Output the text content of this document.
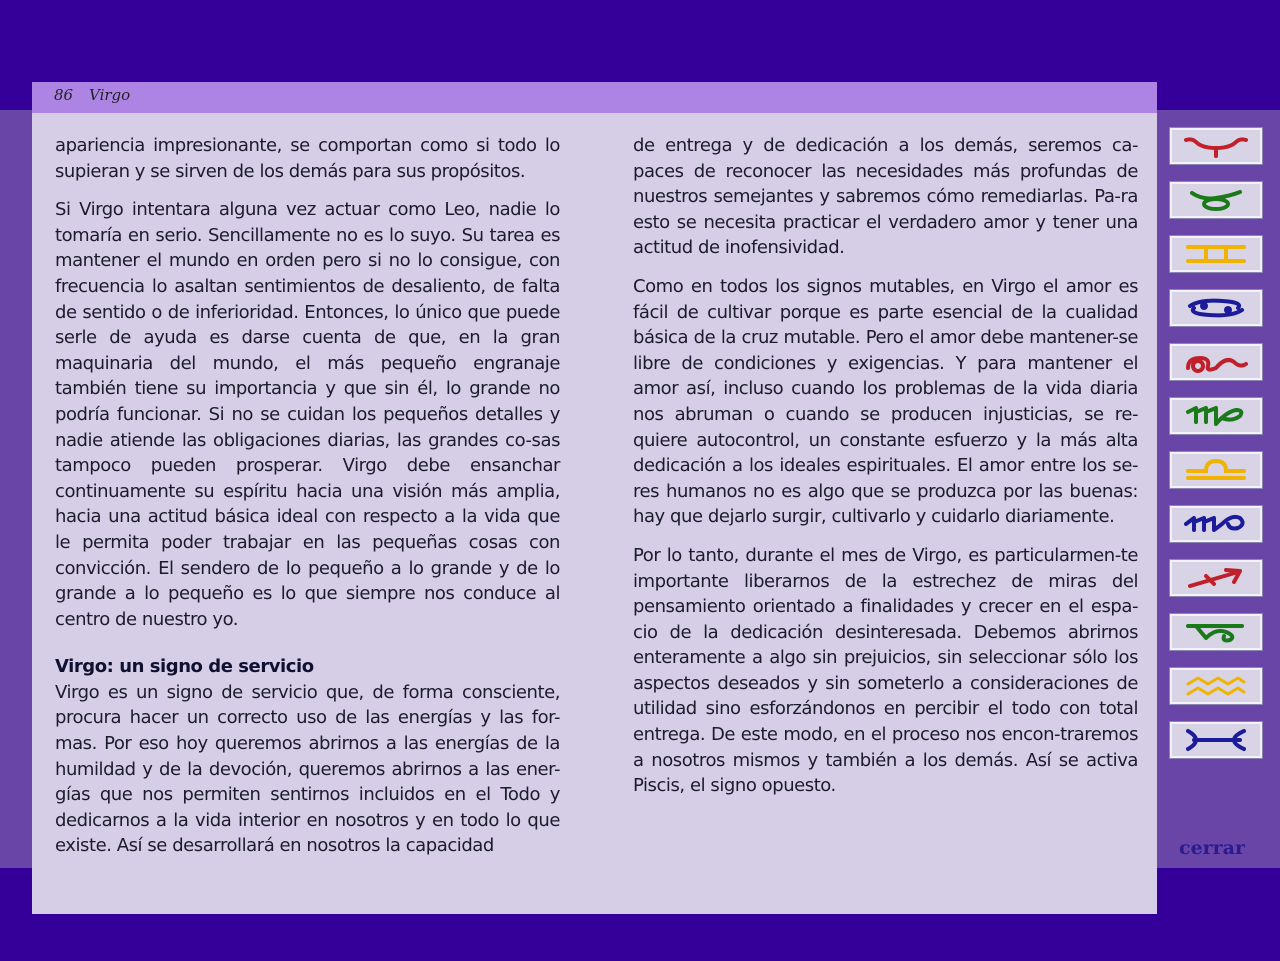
86 Virgo

apariencia impresionante, se comportan como si todo lo supieran y se sirven de los demás para sus propósitos.

Si Virgo intentara alguna vez actuar como Leo, nadie lo tomaría en serio. Sencillamente no es lo suyo. Su tarea es mantener el mundo en orden pero si no lo consigue, con frecuencia lo asaltan sentimientos de desaliento, de falta de sentido o de inferioridad. Entonces, lo único que puede serle de ayuda es darse cuenta de que, en la gran maquinaria del mundo, el más pequeño engranaje también tiene su importancia y que sin él, lo grande no podría funcionar. Si no se cuidan los pequeños detalles y nadie atiende las obligaciones diarias, las grandes co-sas tampoco pueden prosperar. Virgo debe ensanchar continuamente su espíritu hacia una visión más amplia, hacia una actitud básica ideal con respecto a la vida que le permita poder trabajar en las pequeñas cosas con convicción. El sendero de lo pequeño a lo grande y de lo grande a lo pequeño es lo que siempre nos conduce al centro de nuestro yo.

Virgo: un signo de servicio

Virgo es un signo de servicio que, de forma consciente, procura hacer un correcto uso de las energías y las for-mas. Por eso hoy queremos abrirnos a las energías de la humildad y de la devoción, queremos abrirnos a las ener-gías que nos permiten sentirnos incluidos en el Todo y dedicarnos a la vida interior en nosotros y en todo lo que existe. Así se desarrollará en nosotros la capacidad

de entrega y de dedicación a los demás, seremos ca-paces de reconocer las necesidades más profundas de nuestros semejantes y sabremos cómo remediarlas. Pa-ra esto se necesita practicar el verdadero amor y tener una actitud de inofensividad.

Como en todos los signos mutables, en Virgo el amor es fácil de cultivar porque es parte esencial de la cualidad básica de la cruz mutable. Pero el amor debe mantener-se libre de condiciones y exigencias. Y para mantener el amor así, incluso cuando los problemas de la vida diaria nos abruman o cuando se producen injusticias, se re-quiere autocontrol, un constante esfuerzo y la más alta dedicación a los ideales espirituales. El amor entre los se-res humanos no es algo que se produzca por las buenas: hay que dejarlo surgir, cultivarlo y cuidarlo diariamente.

Por lo tanto, durante el mes de Virgo, es particularmen-te importante liberarnos de la estrechez de miras del pensamiento orientado a finalidades y crecer en el espa-cio de la dedicación desinteresada. Debemos abrirnos enteramente a algo sin prejuicios, sin seleccionar sólo los aspectos deseados y sin someterlo a consideraciones de utilidad sino esforzándonos en percibir el todo con total entrega. De este modo, en el proceso nos encon-traremos a nosotros mismos y también a los demás. Así se activa Piscis, el signo opuesto.

cerrar
